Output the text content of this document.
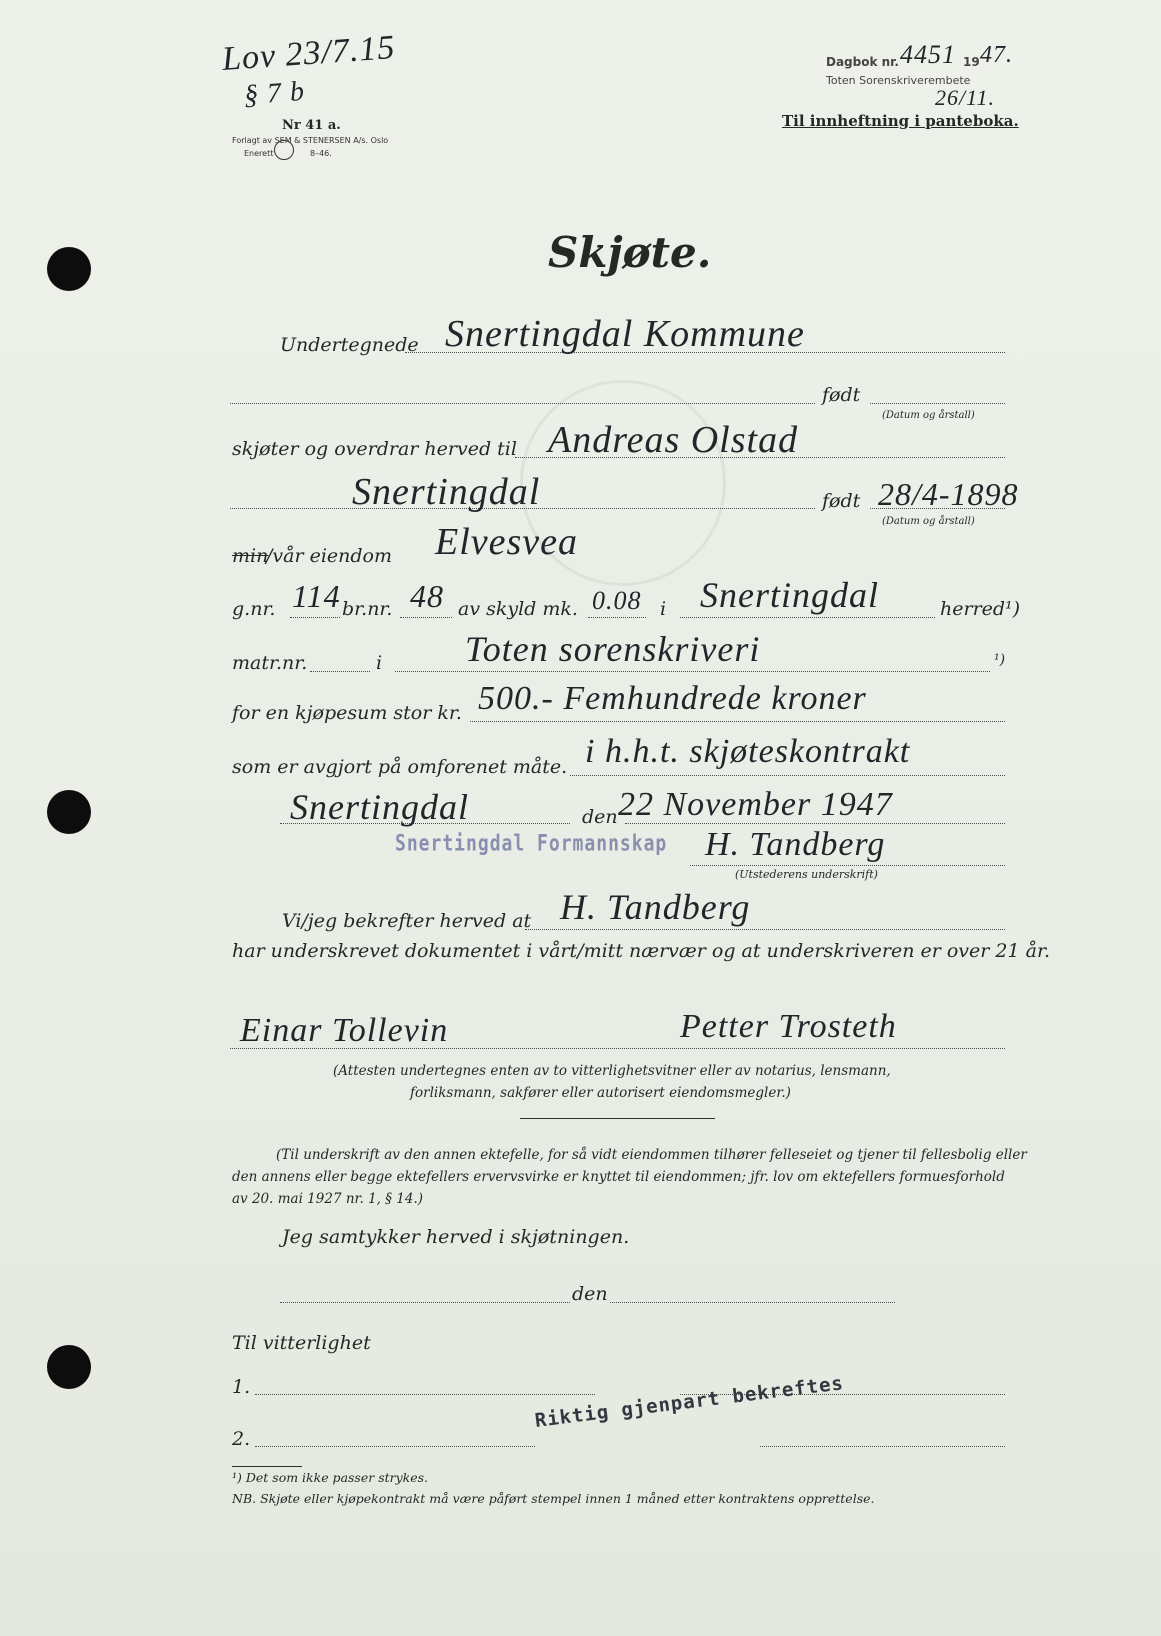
Lov 23/7.15
§ 7 b
Nr 41 a.
Forlagt av SEM & STENERSEN A/s. Oslo
Enerett	8–46.
Dagbok nr. 4451 19 47.
Toten Sorenskriverembete
26/11.
Til innheftning i panteboka.
Skjøte.
Undertegnede Snertingdal Kommune
født
(Datum og årstall)
skjøter og overdrar herved til Andreas Olstad
Snertingdal	født 28/4-1898
(Datum og årstall)
min
/vår eiendom Elvesvea
g.nr. 114 br.nr. 48 av skyld mk. 0.08 i Snertingdal	herred¹)
matr.nr.	i Toten sorenskriveri	¹)
for en kjøpesum stor kr. 500.- Femhundrede kroner
som er avgjort på omforenet måte. i h.h.t. skjøteskontrakt
Snertingdal	den 22 November 1947
Snertingdal Formannskap H. Tandberg
(Utstederens underskrift)
Vi/jeg bekrefter herved at H. Tandberg
har underskrevet dokumentet i vårt/mitt nærvær og at underskriveren er over 21 år.
Einar Tollevin	Petter Trosteth
(Attesten undertegnes enten av to vitterlighetsvitner eller av notarius, lensmann,
forliksmann, sakfører eller autorisert eiendomsmegler.)
(Til underskrift av den annen ektefelle, for så vidt eiendommen tilhører felleseiet og tjener til fellesbolig eller
den annens eller begge ektefellers ervervsvirke er knyttet til eiendommen; jfr. lov om ektefellers formuesforhold
av 20. mai 1927 nr. 1, § 14.)
Jeg samtykker herved i skjøtningen.
den
Til vitterlighet
1.
2.
Riktig gjenpart bekreftes
¹) Det som ikke passer strykes.
NB. Skjøte eller kjøpekontrakt må være påført stempel innen 1 måned etter kontraktens opprettelse.
